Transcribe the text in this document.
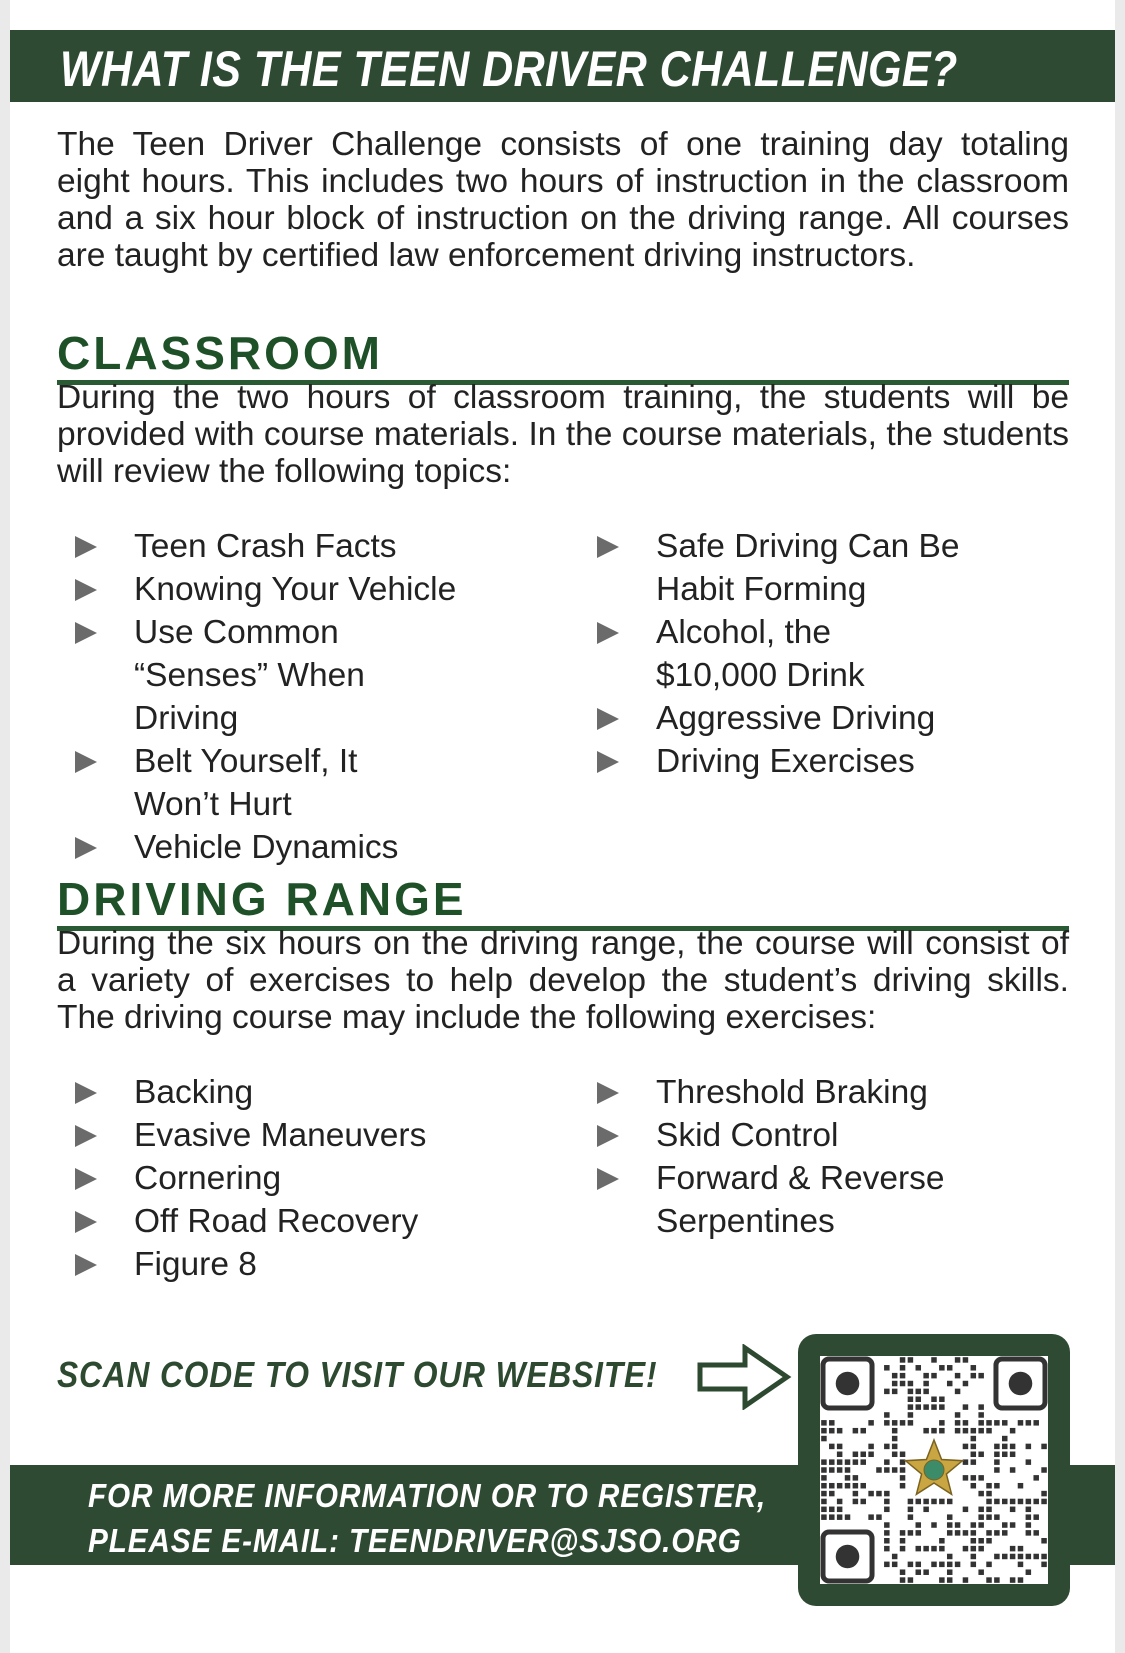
WHAT IS THE TEEN DRIVER CHALLENGE?

The Teen Driver Challenge consists of one training day totaling eight hours. This includes two hours of instruction in the classroom and a six hour block of instruction on the driving range. All courses are taught by certified law enforcement driving instructors.

CLASSROOM

During the two hours of classroom training, the students will be provided with course materials. In the course materials, the students will review the following topics:

Teen Crash Facts
Knowing Your Vehicle
Use Common “Senses” When Driving
Belt Yourself, It Won’t Hurt
Vehicle Dynamics
Safe Driving Can Be Habit Forming
Alcohol, the $10,000 Drink
Aggressive Driving
Driving Exercises
DRIVING RANGE

During the six hours on the driving range, the course will consist of a variety of exercises to help develop the student’s driving skills. The driving course may include the following exercises:

Backing
Evasive Maneuvers
Cornering
Off Road Recovery
Figure 8
Threshold Braking
Skid Control
Forward & Reverse Serpentines
SCAN CODE TO VISIT OUR WEBSITE!
FOR MORE INFORMATION OR TO REGISTER,
PLEASE E-MAIL: TEENDRIVER@SJSO.ORG
